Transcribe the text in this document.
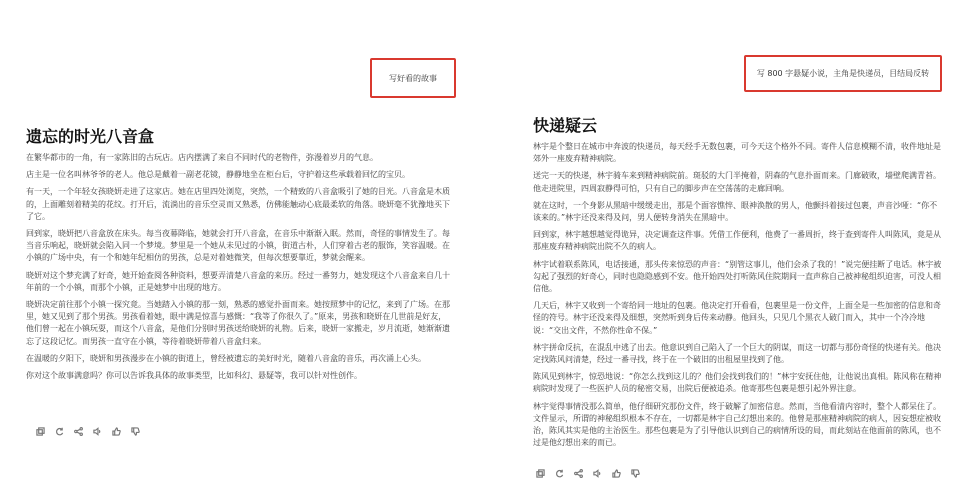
写好看的故事
遗忘的时光八音盒

在繁华都市的一角，有一家陈旧的古玩店。店内摆满了来自不同时代的老物件，弥漫着岁月的气息。

店主是一位名叫林爷爷的老人。他总是戴着一副老花镜，静静地坐在柜台后，守护着这些承载着回忆的宝贝。

有一天，一个年轻女孩晓妍走进了这家店。她在店里四处浏览，突然，一个精致的八音盒吸引了她的目光。八音盒是木质的，上面雕刻着精美的花纹。打开后，流淌出的音乐空灵而又熟悉，仿佛能触动心底最柔软的角落。晓妍毫不犹豫地买下了它。

回到家，晓妍把八音盒放在床头。每当夜幕降临，她就会打开八音盒，在音乐中渐渐入眠。然而，奇怪的事情发生了。每当音乐响起，晓妍就会陷入同一个梦境。梦里是一个她从未见过的小镇，街道古朴，人们穿着古老的服饰，笑容温暖。在小镇的广场中央，有一个和她年纪相仿的男孩，总是对着她微笑，但每次想要靠近，梦就会醒来。

晓妍对这个梦充满了好奇，她开始查阅各种资料，想要弄清楚八音盒的来历。经过一番努力，她发现这个八音盒来自几十年前的一个小镇，而那个小镇，正是她梦中出现的地方。

晓妍决定前往那个小镇一探究竟。当她踏入小镇的那一刻，熟悉的感觉扑面而来。她按照梦中的记忆，来到了广场。在那里，她又见到了那个男孩。男孩看着她，眼中满是惊喜与感慨：“我等了你很久了。”原来，男孩和晓妍在几世前是好友，他们曾一起在小镇玩耍，而这个八音盒，是他们分别时男孩送给晓妍的礼物。后来，晓妍一家搬走，岁月流逝，她渐渐遗忘了这段记忆。而男孩一直守在小镇，等待着晓妍带着八音盒归来。

在温暖的夕阳下，晓妍和男孩漫步在小镇的街道上，曾经被遗忘的美好时光，随着八音盒的音乐，再次涌上心头。

你对这个故事满意吗？你可以告诉我具体的故事类型，比如科幻、悬疑等，我可以针对性创作。

写 800 字悬疑小说，主角是快递员，目结局反转
快递疑云

林宇是个整日在城市中奔波的快递员，每天经手无数包裹，可今天这个格外不同。寄件人信息模糊不清，收件地址是郊外一座废弃精神病院。

送完一天的快递，林宇骑车来到精神病院前。斑驳的大门半掩着，阴森的气息扑面而来。门廊破败，墙壁爬满青苔。他走进院里，四周寂静得可怕，只有自己的脚步声在空荡荡的走廊回响。

就在这时，一个身影从黑暗中缓缓走出，那是个面容憔悴、眼神涣散的男人，他颤抖着接过包裹，声音沙哑：“你不该来的。”林宇还没来得及问，男人便转身消失在黑暗中。

回到家，林宇越想越觉得诡异，决定调查这件事。凭借工作便利，他费了一番周折，终于查到寄件人叫陈风，竟是从那座废弃精神病院出院不久的病人。

林宇试着联系陈风，电话接通，那头传来惊恐的声音：“别管这事儿，他们会杀了我的！”说完便挂断了电话。林宇被勾起了强烈的好奇心，同时也隐隐感到不安。他开始四处打听陈风住院期间一直声称自己被神秘组织迫害，可没人相信他。

几天后，林宇又收到一个寄给同一地址的包裹。他决定打开看看，包裹里是一份文件，上面全是一些加密的信息和奇怪的符号。林宇还没来得及细想，突然听到身后传来动静。他回头，只见几个黑衣人破门而入，其中一个冷冷地说：“交出文件，不然你性命不保。”

林宇拼命反抗，在混乱中逃了出去。他意识到自己陷入了一个巨大的阴谋，而这一切都与那份奇怪的快递有关。他决定找陈风问清楚，经过一番寻找，终于在一个破旧的出租屋里找到了他。

陈风见到林宇，惊恐地说：“你怎么找到这儿的？他们会找到我们的！”林宇安抚住他，让他说出真相。陈风称在精神病院时发现了一些医护人员的秘密交易，出院后便被追杀。他寄那些包裹是想引起外界注意。

林宇觉得事情没那么简单，他仔细研究那份文件，终于破解了加密信息。然而，当他看清内容时，整个人都呆住了。文件显示，所谓的神秘组织根本不存在，一切都是林宇自己幻想出来的。他曾是那座精神病院的病人，因妄想症被收治，陈风其实是他的主治医生。那些包裹是为了引导他认识到自己的病情所设的局，而此刻站在他面前的陈风，也不过是他幻想出来的而已。
